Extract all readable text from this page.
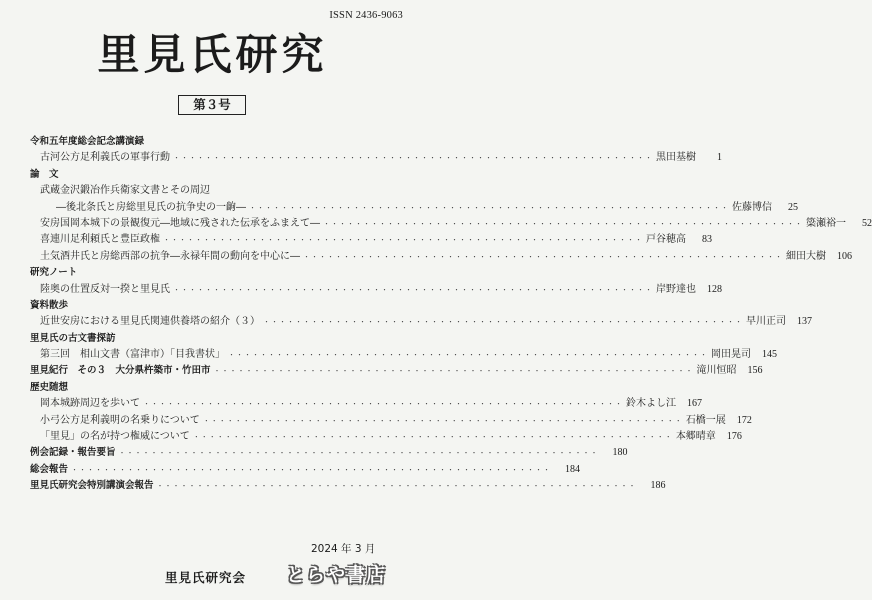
ISSN 2436-9063
里見氏研究
第３号
令和五年度総会記念講演録
古河公方足利義氏の軍事行動 ・・・・・・・・・・・・・・・・・・・・・・・・・・・・・・・・・・・・・・・・・・・・・・・・・・・・・・・・・・・・ 黒田基樹	1
論　文
武蔵金沢鍛冶作兵衛家文書とその周辺
―後北条氏と房総里見氏の抗争史の一齣― ・・・・・・・・・・・・・・・・・・・・・・・・・・・・・・・・・・・・・・・・・・・・・・・・・・・・・・・・・・・・ 佐藤博信	25
安房国岡本城下の景観復元―地域に残された伝承をふまえて― ・・・・・・・・・・・・・・・・・・・・・・・・・・・・・・・・・・・・・・・・・・・・・・・・・・・・・・・・・・・・ 簗瀬裕一	52
喜連川足利頼氏と豊臣政権 ・・・・・・・・・・・・・・・・・・・・・・・・・・・・・・・・・・・・・・・・・・・・・・・・・・・・・・・・・・・・ 戸谷穂高	83
土気酒井氏と房総西部の抗争―永禄年間の動向を中心に― ・・・・・・・・・・・・・・・・・・・・・・・・・・・・・・・・・・・・・・・・・・・・・・・・・・・・・・・・・・・・ 細田大樹	106
研究ノート
陸奥の仕置反対一揆と里見氏 ・・・・・・・・・・・・・・・・・・・・・・・・・・・・・・・・・・・・・・・・・・・・・・・・・・・・・・・・・・・・ 岸野達也	128
資料散歩
近世安房における里見氏関連供養塔の紹介（３） ・・・・・・・・・・・・・・・・・・・・・・・・・・・・・・・・・・・・・・・・・・・・・・・・・・・・・・・・・・・・ 早川正司	137
里見氏の古文書探訪
第三回　相山文書（富津市）「目我書状」 ・・・・・・・・・・・・・・・・・・・・・・・・・・・・・・・・・・・・・・・・・・・・・・・・・・・・・・・・・・・・ 岡田晃司	145
里見紀行　その３　大分県杵築市・竹田市 ・・・・・・・・・・・・・・・・・・・・・・・・・・・・・・・・・・・・・・・・・・・・・・・・・・・・・・・・・・・・ 滝川恒昭	156
歴史随想
岡本城跡周辺を歩いて ・・・・・・・・・・・・・・・・・・・・・・・・・・・・・・・・・・・・・・・・・・・・・・・・・・・・・・・・・・・・ 鈴木よし江	167
小弓公方足利義明の名乗りについて ・・・・・・・・・・・・・・・・・・・・・・・・・・・・・・・・・・・・・・・・・・・・・・・・・・・・・・・・・・・・ 石橋一展	172
「里見」の名が持つ権威について ・・・・・・・・・・・・・・・・・・・・・・・・・・・・・・・・・・・・・・・・・・・・・・・・・・・・・・・・・・・・ 本郷晴章	176
例会記録・報告要旨 ・・・・・・・・・・・・・・・・・・・・・・・・・・・・・・・・・・・・・・・・・・・・・・・・・・・・・・・・・・・・	180
総会報告 ・・・・・・・・・・・・・・・・・・・・・・・・・・・・・・・・・・・・・・・・・・・・・・・・・・・・・・・・・・・・	184
里見氏研究会特別講演会報告 ・・・・・・・・・・・・・・・・・・・・・・・・・・・・・・・・・・・・・・・・・・・・・・・・・・・・・・・・・・・・	186
2024 年 3 月
里見氏研究会 とらや書店
